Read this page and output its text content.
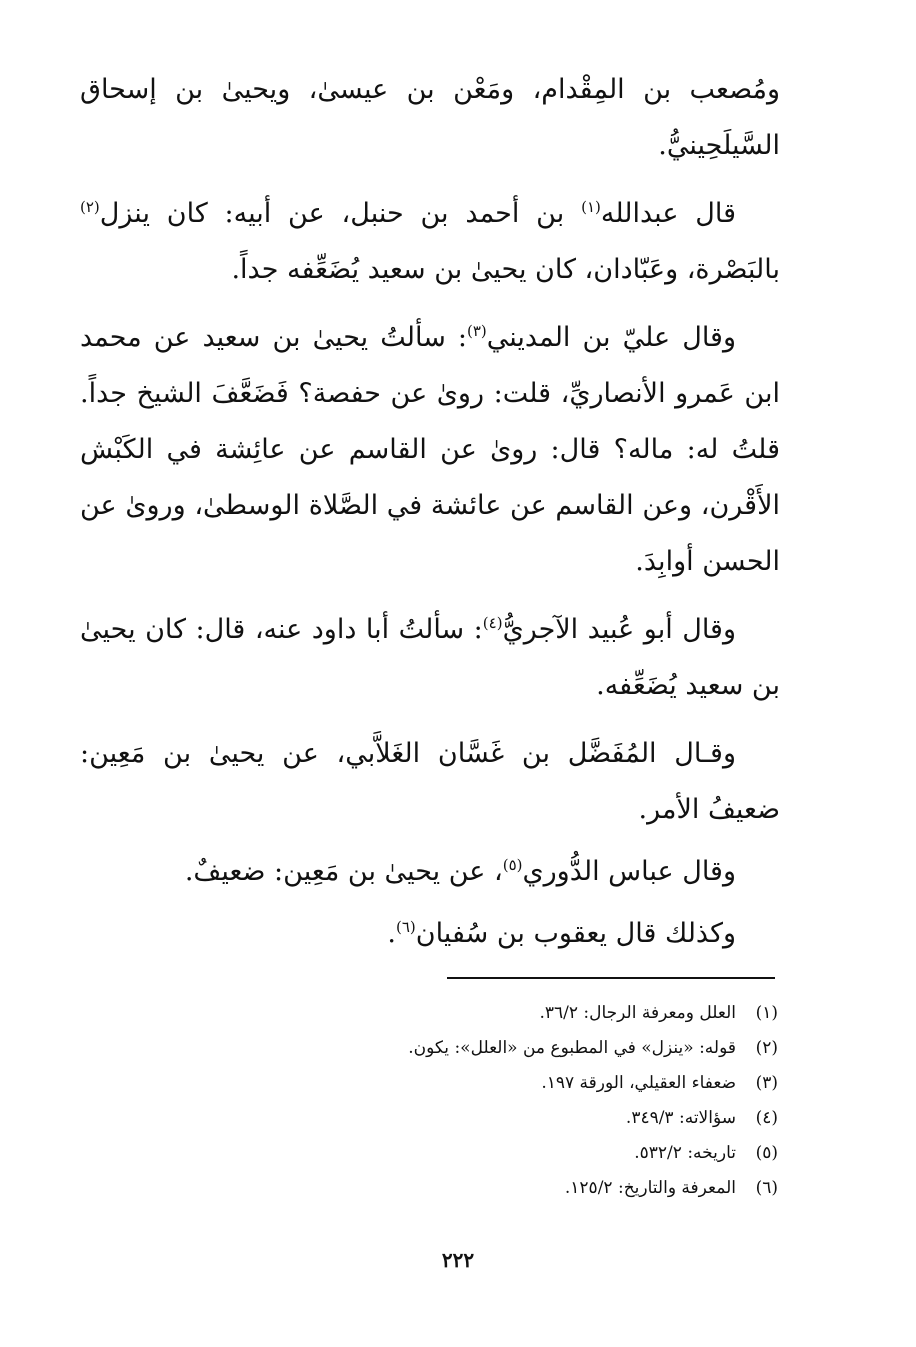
ومُصعب بن المِقْدام، ومَعْن بن عيسىٰ، ويحيىٰ بن إسحاق السَّيلَحِينيُّ.

قال عبدالله$^{(١)}$ بن أحمد بن حنبل، عن أبيه: كان ينزل$^{(٢)}$ بالبَصْرة، وعَبّادان، كان يحيىٰ بن سعيد يُضَعِّفه جداً.

وقال عليّ بن المديني$^{(٣)}$: سألتُ يحيىٰ بن سعيد عن محمد ابن عَمرو الأنصاريِّ، قلت: روىٰ عن حفصة؟ فَضَعَّفَ الشيخ جداً. قلتُ له: ماله؟ قال: روىٰ عن القاسم عن عائِشة في الكَبْش الأَقْرن، وعن القاسم عن عائشة في الصَّلاة الوسطىٰ، وروىٰ عن الحسن أوابِدَ.

وقال أبو عُبيد الآجريُّ$^{(٤)}$: سألتُ أبا داود عنه، قال: كان يحيىٰ بن سعيد يُضَعِّفه.

وقـال المُفَضَّل بن غَسَّان الغَلاَّبي، عن يحيىٰ بن مَعِين: ضعيفُ الأمر.

وقال عباس الدُّوري$^{(٥)}$، عن يحيىٰ بن مَعِين: ضعيفٌ.

وكذلك قال يعقوب بن سُفيان$^{(٦)}$.

(١)
العلل ومعرفة الرجال: ٣٦/٢.
(٢)
قوله: «ينزل» في المطبوع من «العلل»: يكون.
(٣)
ضعفاء العقيلي، الورقة ١٩٧.
(٤)
سؤالاته: ٣٤٩/٣.
(٥)
تاريخه: ٥٣٢/٢.
(٦)
المعرفة والتاريخ: ١٢٥/٢.
٢٢٢
